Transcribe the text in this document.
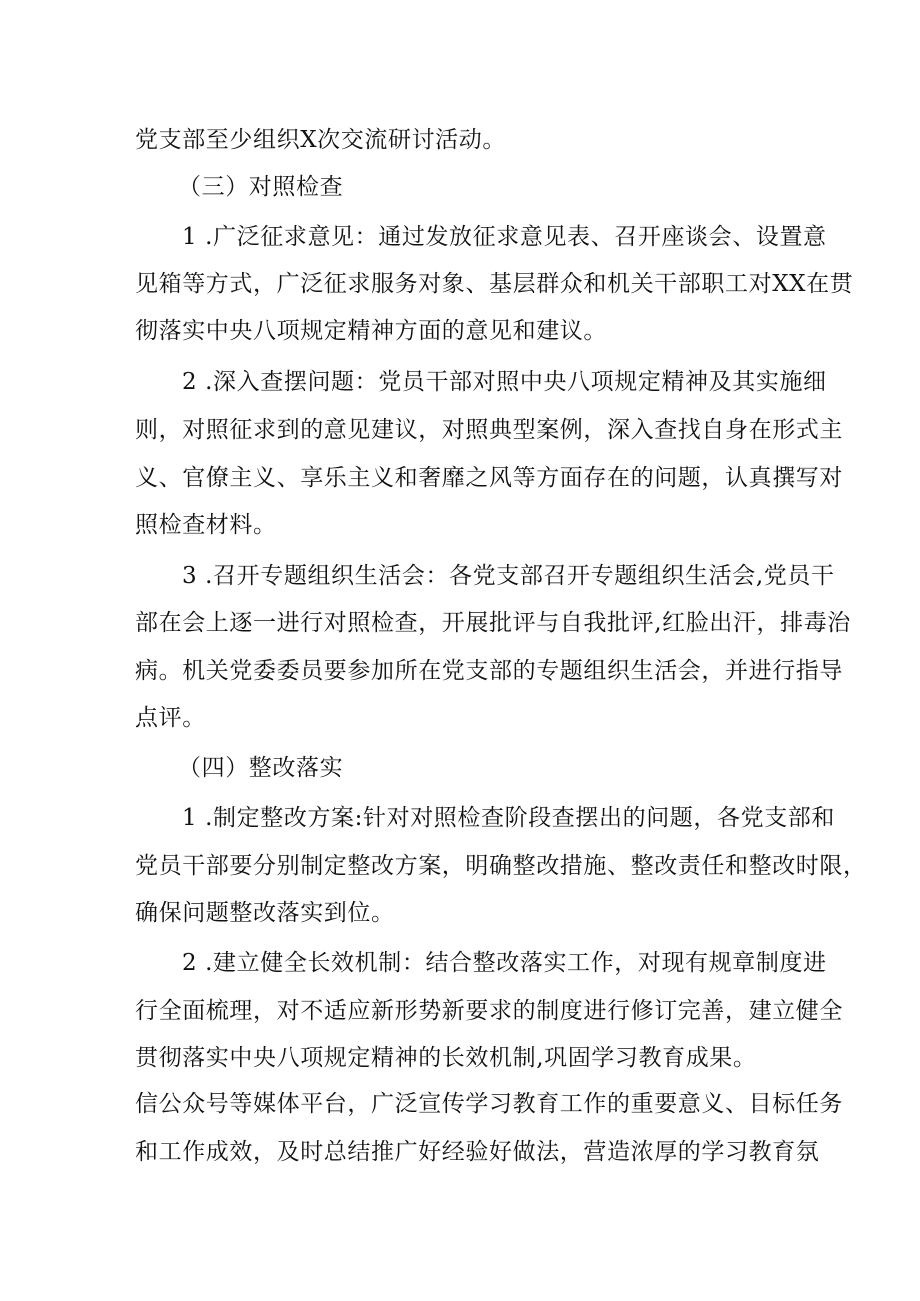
党支部至少组织X次交流研讨活动。
（三）对照检查
1 .广泛征求意见：通过发放征求意见表、召开座谈会、设置意
见箱等方式，广泛征求服务对象、基层群众和机关干部职工对XX在贯
彻落实中央八项规定精神方面的意见和建议。
2 .深入查摆问题：党员干部对照中央八项规定精神及其实施细
则，对照征求到的意见建议，对照典型案例，深入查找自身在形式主
义、官僚主义、享乐主义和奢靡之风等方面存在的问题，认真撰写对
照检查材料。
3 .召开专题组织生活会：各党支部召开专题组织生活会,党员干
部在会上逐一进行对照检查，开展批评与自我批评,红脸出汗，排毒治
病。机关党委委员要参加所在党支部的专题组织生活会，并进行指导
点评。
（四）整改落实
1 .制定整改方案:针对对照检查阶段查摆出的问题，各党支部和
党员干部要分别制定整改方案，明确整改措施、整改责任和整改时限，
确保问题整改落实到位。
2 .建立健全长效机制：结合整改落实工作，对现有规章制度进
行全面梳理，对不适应新形势新要求的制度进行修订完善，建立健全
贯彻落实中央八项规定精神的长效机制,巩固学习教育成果。
信公众号等媒体平台，广泛宣传学习教育工作的重要意义、目标任务
和工作成效，及时总结推广好经验好做法，营造浓厚的学习教育氛
